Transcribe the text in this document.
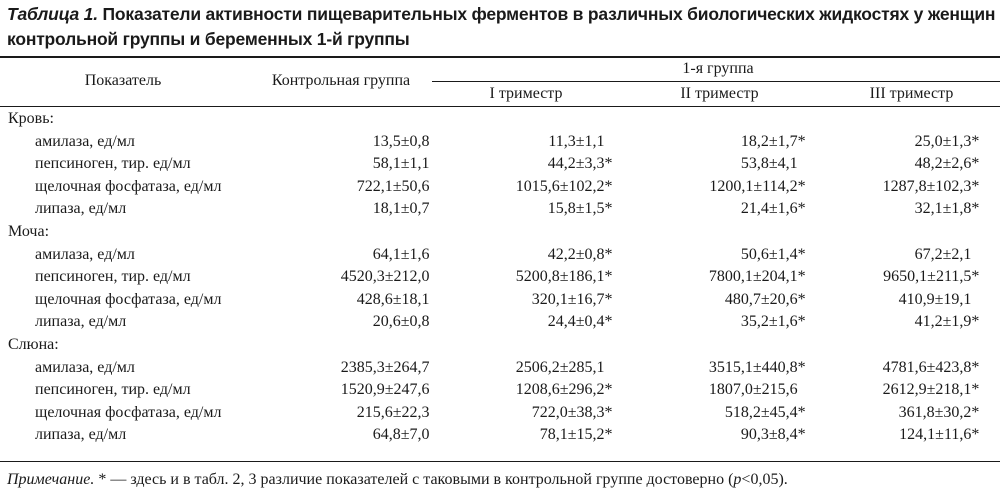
Таблица 1. Показатели активности пищеварительных ферментов в различных биологических жидкостях у женщин контрольной группы и беременных 1-й группы
Показатель	Контрольная группа
1-я группа
I триместр	II триместр	III триместр
Кровь:				
амилаза, ед/мл	13,5±0,8	11,3±1,1	18,2±1,7*	25,0±1,3*
пепсиноген, тир. ед/мл	58,1±1,1	44,2±3,3*	53,8±4,1	48,2±2,6*
щелочная фосфатаза, ед/мл	722,1±50,6	1015,6±102,2*	1200,1±114,2*	1287,8±102,3*
липаза, ед/мл	18,1±0,7	15,8±1,5*	21,4±1,6*	32,1±1,8*
Моча:				
амилаза, ед/мл	64,1±1,6	42,2±0,8*	50,6±1,4*	67,2±2,1
пепсиноген, тир. ед/мл	4520,3±212,0	5200,8±186,1*	7800,1±204,1*	9650,1±211,5*
щелочная фосфатаза, ед/мл	428,6±18,1	320,1±16,7*	480,7±20,6*	410,9±19,1
липаза, ед/мл	20,6±0,8	24,4±0,4*	35,2±1,6*	41,2±1,9*
Слюна:				
амилаза, ед/мл	2385,3±264,7	2506,2±285,1	3515,1±440,8*	4781,6±423,8*
пепсиноген, тир. ед/мл	1520,9±247,6	1208,6±296,2*	1807,0±215,6	2612,9±218,1*
щелочная фосфатаза, ед/мл	215,6±22,3	722,0±38,3*	518,2±45,4*	361,8±30,2*
липаза, ед/мл	64,8±7,0	78,1±15,2*	90,3±8,4*	124,1±11,6*
Примечание. * — здесь и в табл. 2, 3 различие показателей с таковыми в контрольной группе достоверно (p<0,05).
